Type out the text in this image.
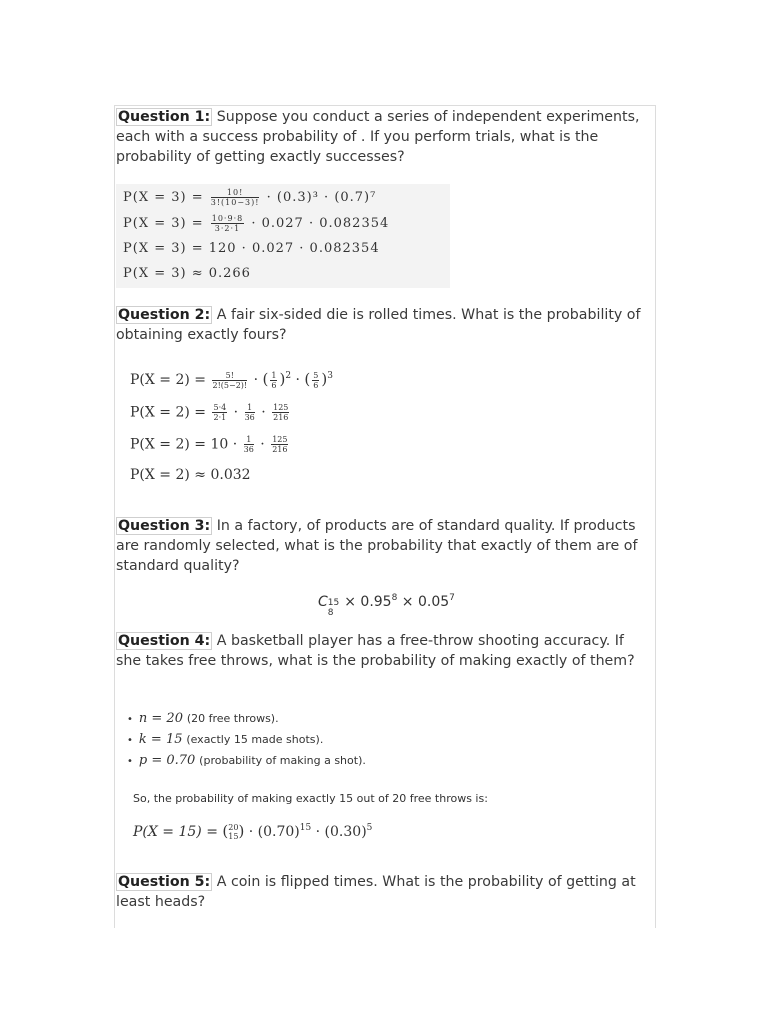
Question 1: Suppose you conduct a series of independent experiments, each with a success probability of . If you perform trials, what is the probability of getting exactly successes?
$P(X = 3) = \frac{10!}{3!(10-3)!} \cdot (0.3)^3 \cdot (0.7)^7$
$P(X = 3) = \frac{10\cdot 9\cdot 8}{3\cdot 2\cdot 1} \cdot 0.027 \cdot 0.082354$
P(X = 3) = 120 · 0.027 · 0.082354
P(X = 3) ≈ 0.266
Question 2: A fair six-sided die is rolled times. What is the probability of obtaining exactly fours?
$P(X = 2) = \frac{5!}{2!(5-2)!}$ · ( $\frac{1}{6} )^2$ · ( $\frac{5}{6} )^3$
$P(X = 2) = \frac{5\cdot 4}{2\cdot 1} \cdot \frac{1}{36} \cdot \frac{125}{216}$
$P(X = 2) = 10 \cdot \frac{1}{36} \cdot \frac{125}{216}$
P(X = 2) ≈ 0.032
Question 3: In a factory, of products are of standard quality. If products are randomly selected, what is the probability that exactly of them are of standard quality?
C 15
8
× $0.95^8 \times 0.05^7$
Question 4: A basketball player has a free-throw shooting accuracy. If she takes free throws, what is the probability of making exactly of them?
• n = 20 (20 free throws).
• k = 15 (exactly 15 made shots).
• p = 0.70 (probability of making a shot).
So, the probability of making exactly 15 out of 20 free throws is:
P(X = 15) = ( 20
15 ) · $(0.70)^{15} \cdot (0.30)^5$
Question 5: A coin is flipped times. What is the probability of getting at least heads?
